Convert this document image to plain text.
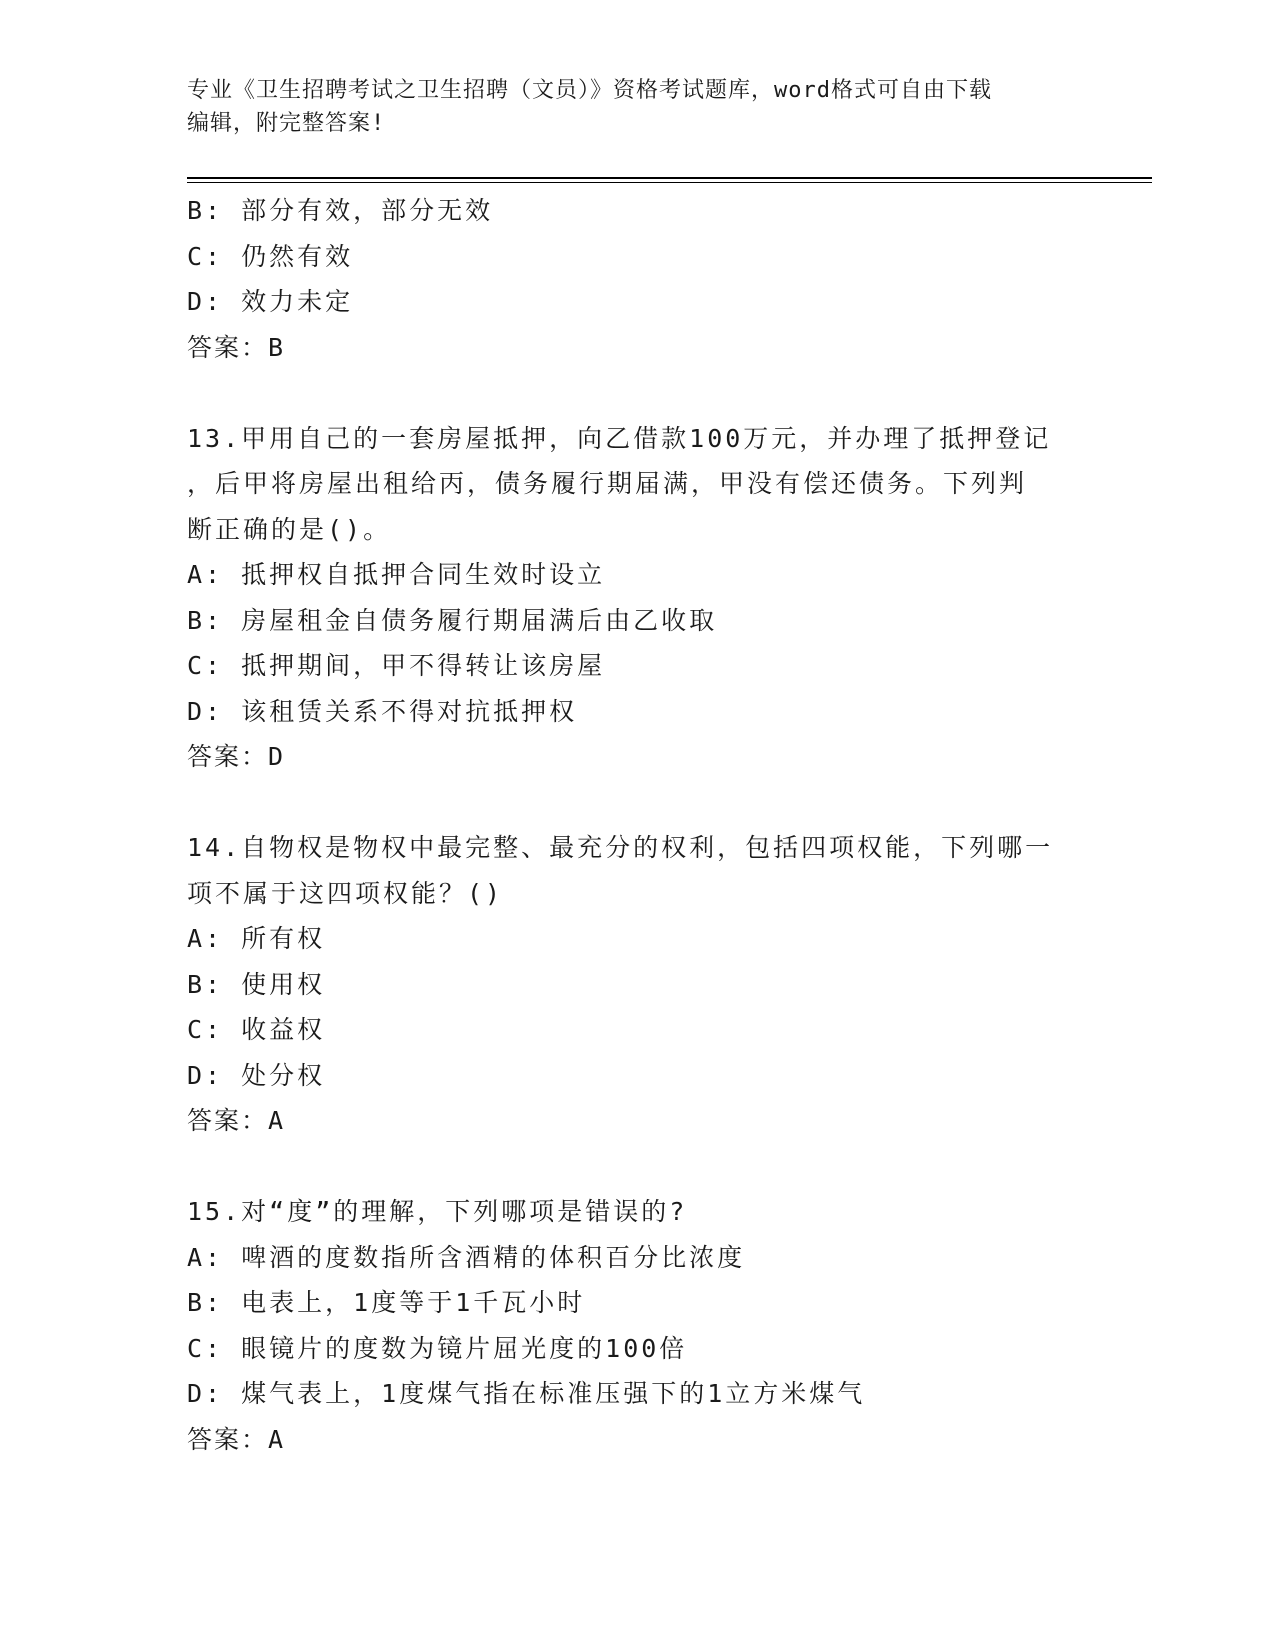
专业《卫生招聘考试之卫生招聘（文员）》资格考试题库，word格式可自由下载
编辑，附完整答案!
B: 部分有效，部分无效
C: 仍然有效
D: 效力未定
答案：B
13.甲用自己的一套房屋抵押，向乙借款100万元，并办理了抵押登记
，后甲将房屋出租给丙，债务履行期届满，甲没有偿还债务。下列判
断正确的是()。
A: 抵押权自抵押合同生效时设立
B: 房屋租金自债务履行期届满后由乙收取
C: 抵押期间，甲不得转让该房屋
D: 该租赁关系不得对抗抵押权
答案：D
14.自物权是物权中最完整、最充分的权利，包括四项权能，下列哪一
项不属于这四项权能？()
A: 所有权
B: 使用权
C: 收益权
D: 处分权
答案：A
15.对“度”的理解，下列哪项是错误的?
A: 啤酒的度数指所含酒精的体积百分比浓度
B: 电表上，1度等于1千瓦小时
C: 眼镜片的度数为镜片屈光度的100倍
D: 煤气表上，1度煤气指在标准压强下的1立方米煤气
答案：A
